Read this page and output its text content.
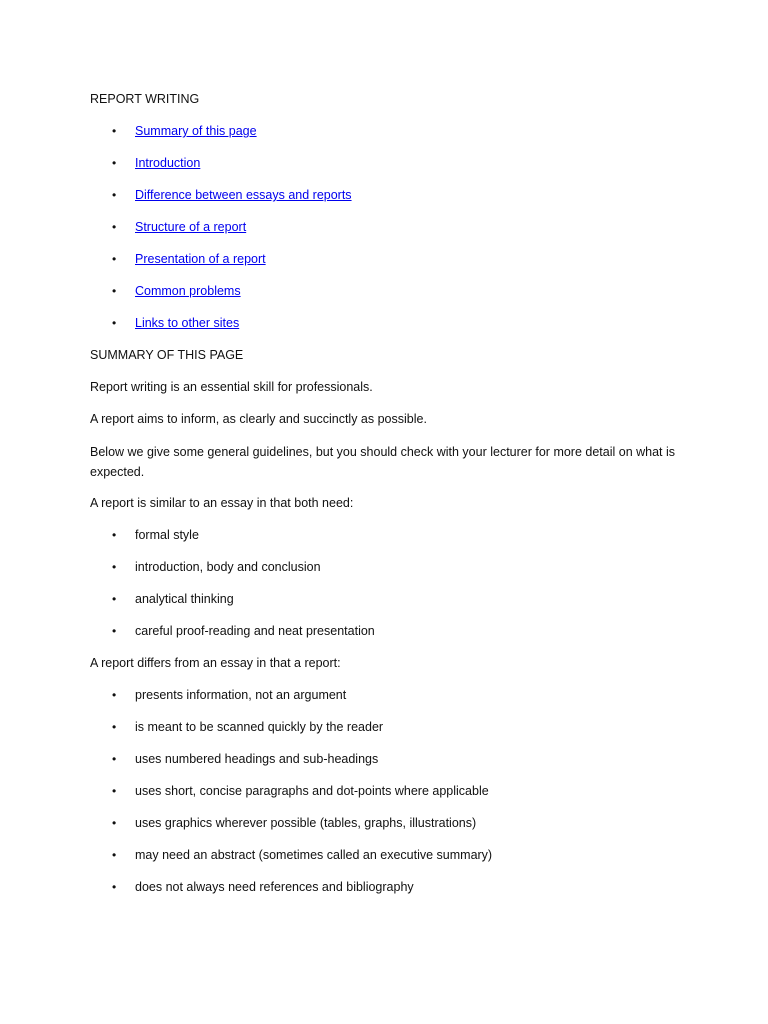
REPORT WRITING

• Summary of this page
• Introduction
• Difference between essays and reports
• Structure of a report
• Presentation of a report
• Common problems
• Links to other sites

SUMMARY OF THIS PAGE

Report writing is an essential skill for professionals.

A report aims to inform, as clearly and succinctly as possible.

Below we give some general guidelines, but you should check with your lecturer for more detail on what is expected.

A report is similar to an essay in that both need:

• formal style
• introduction, body and conclusion
• analytical thinking
• careful proof-reading and neat presentation

A report differs from an essay in that a report:

• presents information, not an argument
• is meant to be scanned quickly by the reader
• uses numbered headings and sub-headings
• uses short, concise paragraphs and dot-points where applicable
• uses graphics wherever possible (tables, graphs, illustrations)
• may need an abstract (sometimes called an executive summary)
• does not always need references and bibliography
